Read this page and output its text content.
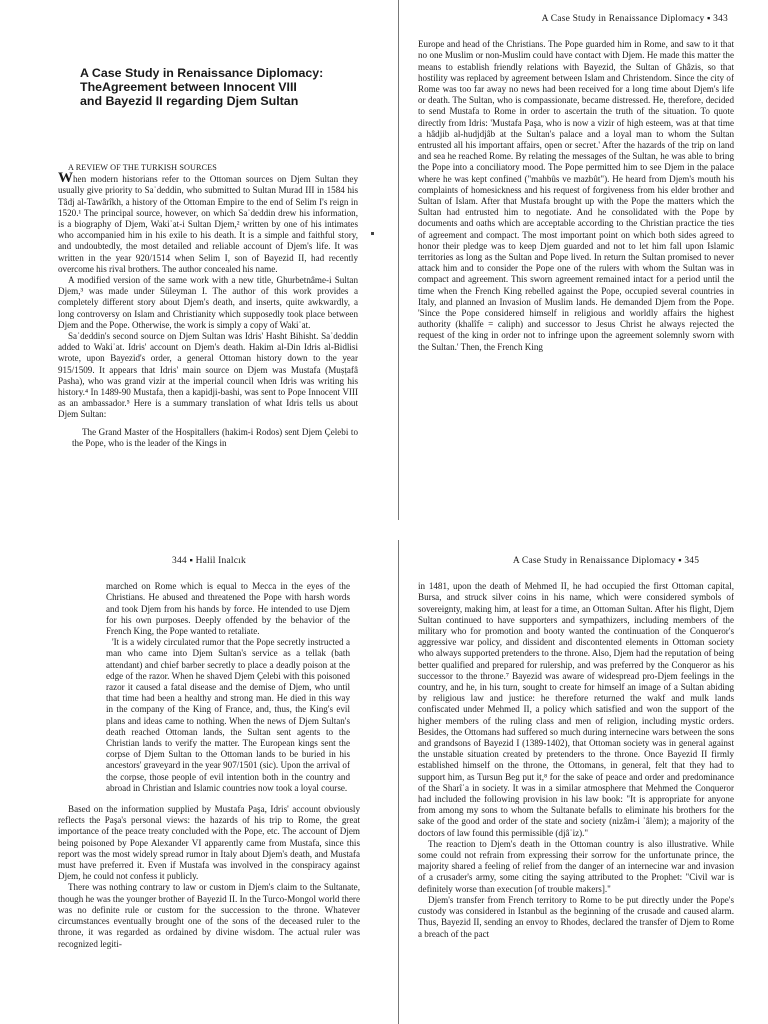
A Case Study in Renaissance Diplomacy:
TheAgreement between Innocent VIII
and Bayezid II regarding Djem Sultan

A REVIEW OF THE TURKISH SOURCES

When modern historians refer to the Ottoman sources on Djem Sultan they usually give priority to Saʿdeddin, who submitted to Sultan Murad III in 1584 his Tâdj al-Tawârîkh, a history of the Ottoman Empire to the end of Selim I's reign in 1520.¹ The principal source, however, on which Saʿdeddin drew his information, is a biography of Djem, Wakiʿat-i Sultan Djem,² written by one of his intimates who accompanied him in his exile to his death. It is a simple and faithful story, and undoubtedly, the most detailed and reliable account of Djem's life. It was written in the year 920/1514 when Selim I, son of Bayezid II, had recently overcome his rival brothers. The author concealed his name.

A modified version of the same work with a new title, Ghurbetnâme-i Sultan Djem,³ was made under Süleyman I. The author of this work provides a completely different story about Djem's death, and inserts, quite awkwardly, a long controversy on Islam and Christianity which supposedly took place between Djem and the Pope. Otherwise, the work is simply a copy of Wakiʿat.

Saʿdeddin's second source on Djem Sultan was Idris' Hasht Bihisht. Saʿdeddin added to Wakiʿat. Idris' account on Djem's death. Hakim al-Din Idris al-Bidlisi wrote, upon Bayezid's order, a general Ottoman history down to the year 915/1509. It appears that Idris' main source on Djem was Mustafa (Muṣṭafâ Pasha), who was grand vizir at the imperial council when Idris was writing his history.⁴ In 1489-90 Mustafa, then a kapidji-bashi, was sent to Pope Innocent VIII as an ambassador.⁵ Here is a summary translation of what Idris tells us about Djem Sultan:

The Grand Master of the Hospitallers (hakim-i Rodos) sent Djem Çelebi to the Pope, who is the leader of the Kings in

A Case Study in Renaissance Diplomacy ▪ 343

Europe and head of the Christians. The Pope guarded him in Rome, and saw to it that no one Muslim or non-Muslim could have contact with Djem. He made this matter the means to establish friendly relations with Bayezid, the Sultan of Ghâzis, so that hostility was replaced by agreement between Islam and Christendom. Since the city of Rome was too far away no news had been received for a long time about Djem's life or death. The Sultan, who is compassionate, became distressed. He, therefore, decided to send Mustafa to Rome in order to ascertain the truth of the situation. To quote directly from Idris: 'Mustafa Paşa, who is now a vizir of high esteem, was at that time a hâdjib al-hudjdjâb at the Sultan's palace and a loyal man to whom the Sultan entrusted all his important affairs, open or secret.' After the hazards of the trip on land and sea he reached Rome. By relating the messages of the Sultan, he was able to bring the Pope into a conciliatory mood. The Pope permitted him to see Djem in the palace where he was kept confined ("mahbûs ve mazbût"). He heard from Djem's mouth his complaints of homesickness and his request of forgiveness from his elder brother and Sultan of Islam. After that Mustafa brought up with the Pope the matters which the Sultan had entrusted him to negotiate. And he consolidated with the Pope by documents and oaths which are acceptable according to the Christian practice the ties of agreement and compact. The most important point on which both sides agreed to honor their pledge was to keep Djem guarded and not to let him fall upon Islamic territories as long as the Sultan and Pope lived. In return the Sultan promised to never attack him and to consider the Pope one of the rulers with whom the Sultan was in compact and agreement. This sworn agreement remained intact for a period until the time when the French King rebelled against the Pope, occupied several countries in Italy, and planned an Invasion of Muslim lands. He demanded Djem from the Pope. 'Since the Pope considered himself in religious and worldly affairs the highest authority (khalîfe = caliph) and successor to Jesus Christ he always rejected the request of the king in order not to infringe upon the agreement solemnly sworn with the Sultan.' Then, the French King

344 ▪ Halil İnalcık

marched on Rome which is equal to Mecca in the eyes of the Christians. He abused and threatened the Pope with harsh words and took Djem from his hands by force. He intended to use Djem for his own purposes. Deeply offended by the behavior of the French King, the Pope wanted to retaliate.

'It is a widely circulated rumor that the Pope secretly instructed a man who came into Djem Sultan's service as a tellak (bath attendant) and chief barber secretly to place a deadly poison at the edge of the razor. When he shaved Djem Çelebi with this poisoned razor it caused a fatal disease and the demise of Djem, who until that time had been a healthy and strong man. He died in this way in the company of the King of France, and, thus, the King's evil plans and ideas came to nothing. When the news of Djem Sultan's death reached Ottoman lands, the Sultan sent agents to the Christian lands to verify the matter. The European kings sent the corpse of Djem Sultan to the Ottoman lands to be buried in his ancestors' graveyard in the year 907/1501 (sic). Upon the arrival of the corpse, those people of evil intention both in the country and abroad in Christian and Islamic countries now took a loyal course.

Based on the information supplied by Mustafa Paşa, Idris' account obviously reflects the Paşa's personal views: the hazards of his trip to Rome, the great importance of the peace treaty concluded with the Pope, etc. The account of Djem being poisoned by Pope Alexander VI apparently came from Mustafa, since this report was the most widely spread rumor in Italy about Djem's death, and Mustafa must have preferred it. Even if Mustafa was involved in the conspiracy against Djem, he could not confess it publicly.

There was nothing contrary to law or custom in Djem's claim to the Sultanate, though he was the younger brother of Bayezid II. In the Turco-Mongol world there was no definite rule or custom for the succession to the throne. Whatever circumstances eventually brought one of the sons of the deceased ruler to the throne, it was regarded as ordained by divine wisdom. The actual ruler was recognized legiti-

A Case Study in Renaissance Diplomacy ▪ 345

in 1481, upon the death of Mehmed II, he had occupied the first Ottoman capital, Bursa, and struck silver coins in his name, which were considered symbols of sovereignty, making him, at least for a time, an Ottoman Sultan. After his flight, Djem Sultan continued to have supporters and sympathizers, including members of the military who for promotion and booty wanted the continuation of the Conqueror's aggressive war policy, and dissident and discontented elements in Ottoman society who always supported pretenders to the throne. Also, Djem had the reputation of being better qualified and prepared for rulership, and was preferred by the Conqueror as his successor to the throne.⁷ Bayezid was aware of widespread pro-Djem feelings in the country, and he, in his turn, sought to create for himself an image of a Sultan abiding by religious law and justice: he therefore returned the wakf and mulk lands confiscated under Mehmed II, a policy which satisfied and won the support of the higher members of the ruling class and men of religion, including mystic orders. Besides, the Ottomans had suffered so much during internecine wars between the sons and grandsons of Bayezid I (1389-1402), that Ottoman society was in general against the unstable situation created by pretenders to the throne. Once Bayezid II firmly established himself on the throne, the Ottomans, in general, felt that they had to support him, as Tursun Beg put it,⁸ for the sake of peace and order and predominance of the Sharîʿa in society. It was in a similar atmosphere that Mehmed the Conqueror had included the following provision in his law book: "It is appropriate for anyone from among my sons to whom the Sultanate befalls to eliminate his brothers for the sake of the good and order of the state and society (nizâm-i ʿâlem); a majority of the doctors of law found this permissible (djâʾiz)."

The reaction to Djem's death in the Ottoman country is also illustrative. While some could not refrain from expressing their sorrow for the unfortunate prince, the majority shared a feeling of relief from the danger of an internecine war and invasion of a crusader's army, some citing the saying attributed to the Prophet: "Civil war is definitely worse than execution [of trouble makers]."

Djem's transfer from French territory to Rome to be put directly under the Pope's custody was considered in Istanbul as the beginning of the crusade and caused alarm. Thus, Bayezid II, sending an envoy to Rhodes, declared the transfer of Djem to Rome a breach of the pact
